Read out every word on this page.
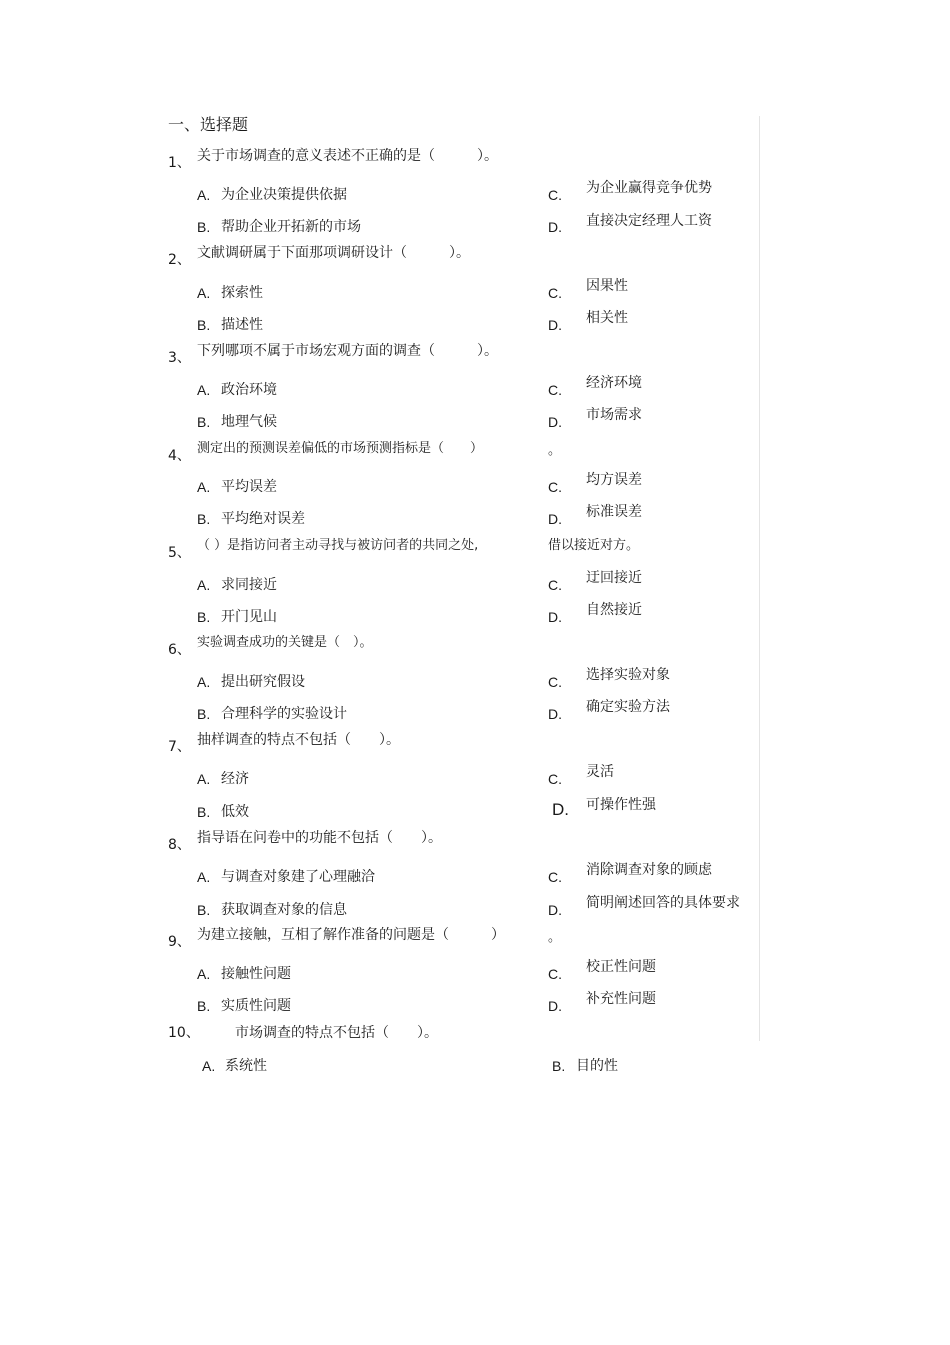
一、选择题
1、 关于市场调查的意义表述不正确的是（　　　）。
A. 为企业决策提供依据	C. 为企业赢得竞争优势
B. 帮助企业开拓新的市场	D. 直接决定经理人工资
2、 文献调研属于下面那项调研设计（　　　）。
A. 探索性	C. 因果性
B. 描述性	D. 相关性
3、 下列哪项不属于市场宏观方面的调查（　　　）。
A. 政治环境	C. 经济环境
B. 地理气候	D. 市场需求
4、 测定出的预测误差偏低的市场预测指标是（　　）	。
A. 平均误差	C. 均方误差
B. 平均绝对误差	D. 标准误差
5、 （ ）是指访问者主动寻找与被访问者的共同之处,	借以接近对方。
A. 求同接近	C. 迂回接近
B. 开门见山	D. 自然接近
6、 实验调查成功的关键是（　）。
A. 提出研究假设	C. 选择实验对象
B. 合理科学的实验设计	D. 确定实验方法
7、 抽样调查的特点不包括（　　）。
A. 经济	C. 灵活
B. 低效	D. 可操作性强
8、 指导语在问卷中的功能不包括（　　）。
A. 与调查对象建了心理融洽	C. 消除调查对象的顾虑
B. 获取调查对象的信息	D. 简明阐述回答的具体要求
9、 为建立接触，互相了解作准备的问题是（　　　）	。
A. 接触性问题	C. 校正性问题
B. 实质性问题	D. 补充性问题
10、	市场调查的特点不包括（　　）。
A. 系统性	B. 目的性
